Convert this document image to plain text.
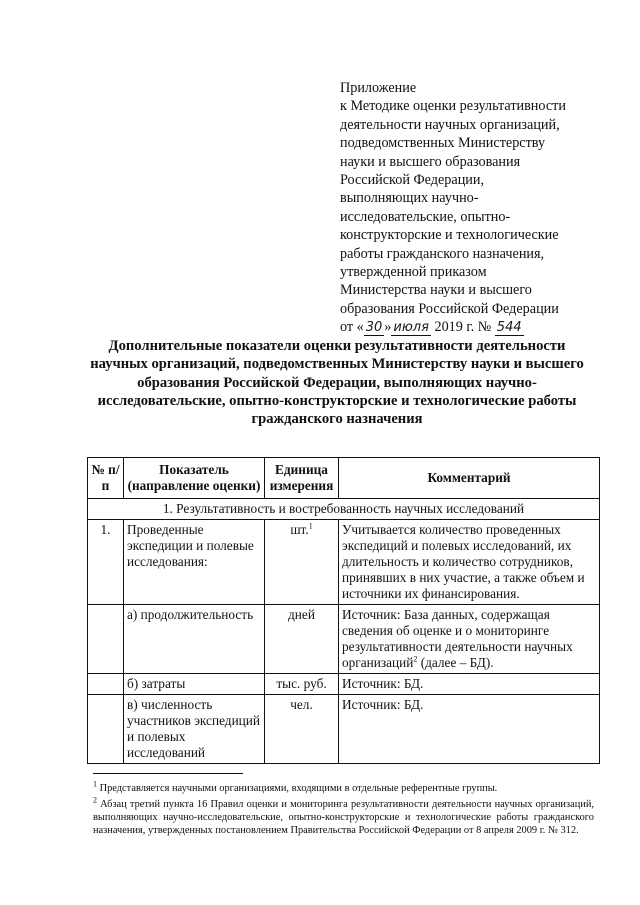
Приложение
к Методике оценки результативности
деятельности научных организаций,
подведомственных Министерству
науки и высшего образования
Российской Федерации,
выполняющих научно-
исследовательские, опытно-
конструкторские и технологические
работы гражданского назначения,
утвержденной приказом
Министерства науки и высшего
образования Российской Федерации
от « 30 » июля 2019 г. № 544
Дополнительные показатели оценки результативности деятельности научных организаций, подведомственных Министерству науки и высшего образования Российской Федерации, выполняющих научно-исследовательские, опытно-конструкторские и технологические работы гражданского назначения
№ п/п	Показатель (направление оценки)	Единица измерения	Комментарий
1. Результативность и востребованность научных исследований			
1.	Проведенные экспедиции и полевые исследования:	шт.$^1$	Учитывается количество проведенных экспедиций и полевых исследований, их длительность и количество сотрудников, принявших в них участие, а также объем и источники их финансирования.
	а) продолжительность	дней	Источник: База данных, содержащая сведения об оценке и о мониторинге результативности деятельности научных организаций$^2$ (далее – БД).
	б) затраты	тыс. руб.	Источник: БД.
	в) численность участников экспедиций и полевых исследований	чел.	Источник: БД.

$^1$ Представляется научными организациями, входящими в отдельные референтные группы.

$^2$ Абзац третий пункта 16 Правил оценки и мониторинга результативности деятельности научных организаций, выполняющих научно-исследовательские, опытно-конструкторские и технологические работы гражданского назначения, утвержденных постановлением Правительства Российской Федерации от 8 апреля 2009 г. № 312.
